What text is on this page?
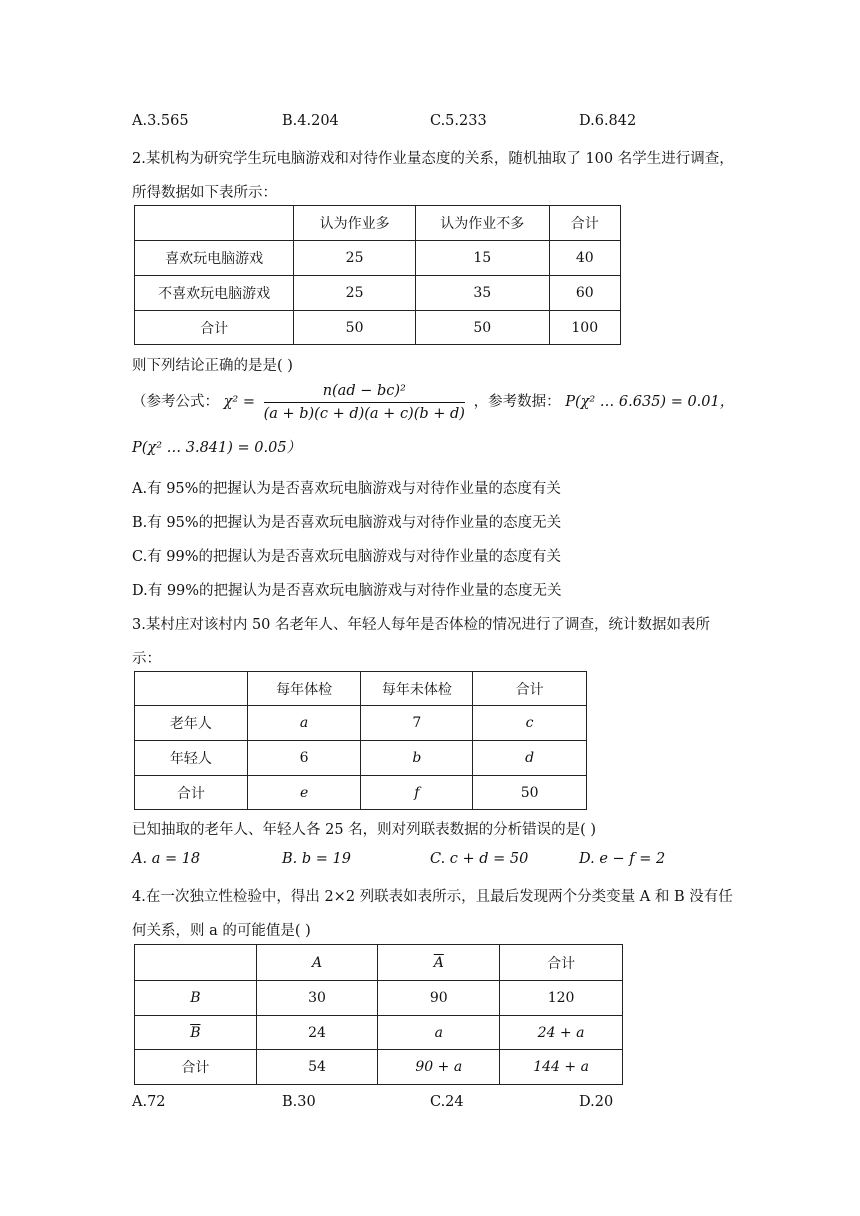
A.3.565	B.4.204	C.5.233	D.6.842
2.某机构为研究学生玩电脑游戏和对待作业量态度的关系，随机抽取了 100 名学生进行调查，
所得数据如下表所示：
	认为作业多	认为作业不多	合计
喜欢玩电脑游戏	25	15	40
不喜欢玩电脑游戏	25	35	60
合计	50	50	100
则下列结论正确的是是( )
（参考公式： $\chi^2 = \frac{\text{n(ad − bc)²}}{(a + b)(c + d)(a + c)(b + d)}$ ，参考数据： P(χ² … 6.635) = 0.01，
P(χ² … 3.841) = 0.05）
A.有 95%的把握认为是否喜欢玩电脑游戏与对待作业量的态度有关
B.有 95%的把握认为是否喜欢玩电脑游戏与对待作业量的态度无关
C.有 99%的把握认为是否喜欢玩电脑游戏与对待作业量的态度有关
D.有 99%的把握认为是否喜欢玩电脑游戏与对待作业量的态度无关
3.某村庄对该村内 50 名老年人、年轻人每年是否体检的情况进行了调查，统计数据如表所
示：
	每年体检	每年未体检	合计
老年人	a	7	c
年轻人	6	b	d
合计	e	f	50
已知抽取的老年人、年轻人各 25 名，则对列联表数据的分析错误的是( )
A. a = 18	B. b = 19	C. c + d = 50	D. e − f = 2
4.在一次独立性检验中，得出 2×2 列联表如表所示，且最后发现两个分类变量 A 和 B 没有任
何关系，则 a 的可能值是( )
	A	$\overline{A}$	合计
B	30	90	120
$\overline{B}$	24	a	24 + a
合计	54	90 + a	144 + a
A.72	B.30	C.24	D.20
